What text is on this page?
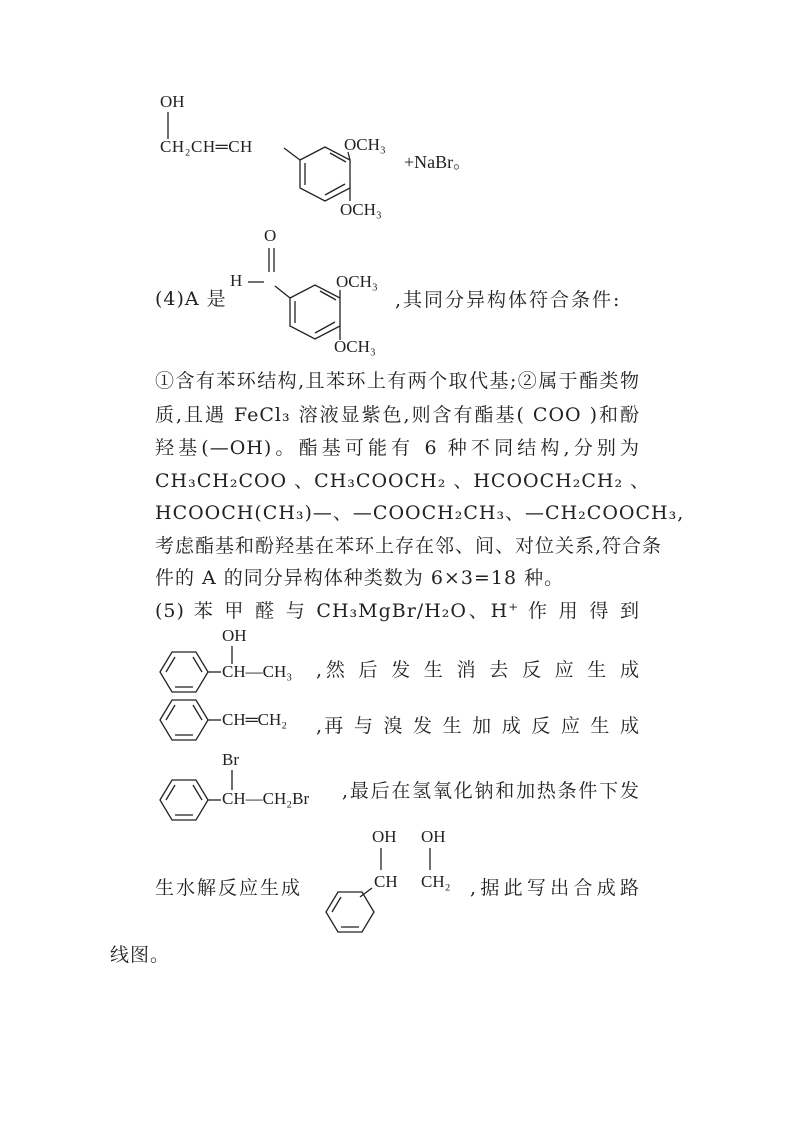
OH
CH₂CH═CH	OCH₃
OCH₃
+NaBr。
(4)A 是
O
H	OCH₃
OCH₃
,其同分异构体符合条件:
①含有苯环结构,且苯环上有两个取代基;②属于酯类物
质,且遇 FeCl₃ 溶液显紫色,则含有酯基( COO )和酚
羟基(—OH)。酯基可能有 6 种不同结构,分别为
CH₃CH₂COO 、CH₃COOCH₂ 、HCOOCH₂CH₂ 、
HCOOCH(CH₃)—、—COOCH₂CH₃、—CH₂COOCH₃,
考虑酯基和酚羟基在苯环上存在邻、间、对位关系,符合条
件的 A 的同分异构体种类数为 6×3=18 种。
(5) 苯 甲 醛 与 CH₃MgBr/H₂O、H⁺ 作 用 得 到
OH
CH—CH₃ ,然 后 发 生 消 去 反 应 生 成
CH═CH₂ ,再 与 溴 发 生 加 成 反 应 生 成
Br
CH—CH₂Br ,最后在氢氧化钠和加热条件下发
生水解反应生成
OH OH
CH CH₂ ,据此写出合成路
线图。
